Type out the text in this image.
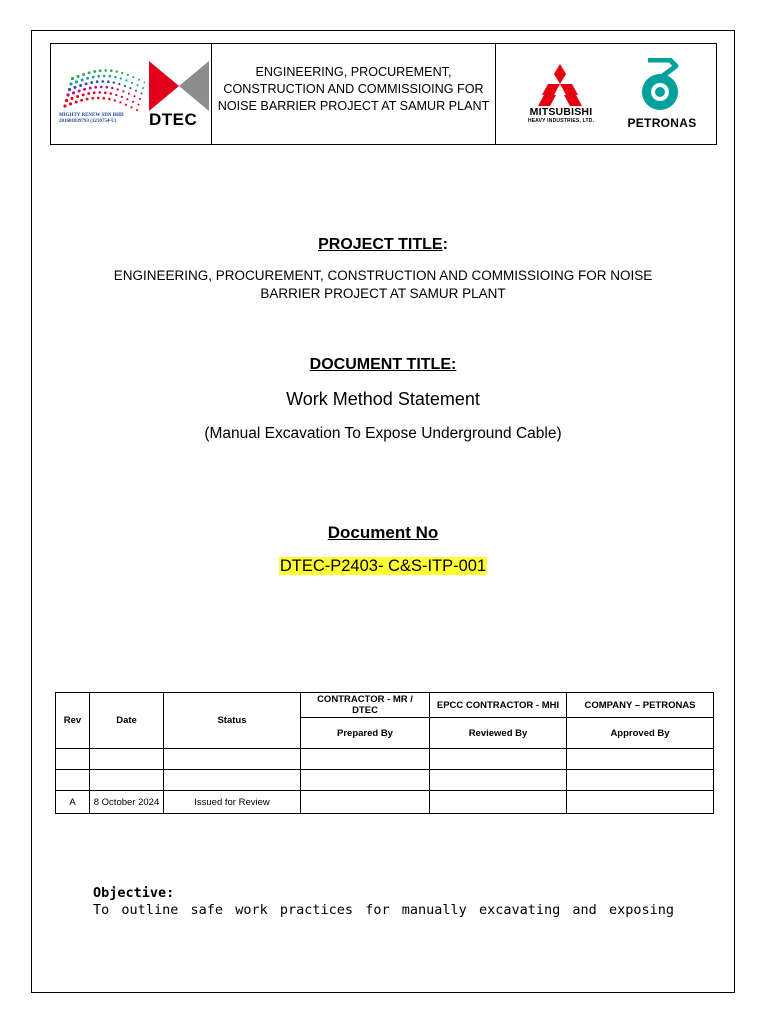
MIGHTY RENEW SDN BHD
201601039793 (1210754-U)	DTEC
ENGINEERING, PROCUREMENT, CONSTRUCTION AND COMMISSIOING FOR NOISE BARRIER PROJECT AT SAMUR PLANT	MITSUBISHI
HEAVY INDUSTRIES, LTD.	PETRONAS
PROJECT TITLE:
ENGINEERING, PROCUREMENT, CONSTRUCTION AND COMMISSIOING FOR NOISE BARRIER PROJECT AT SAMUR PLANT
DOCUMENT TITLE:
Work Method Statement
(Manual Excavation To Expose Underground Cable)
Document No
DTEC-P2403- C&S-ITP-001
Rev	Date	Status	CONTRACTOR - MR / DTEC	EPCC CONTRACTOR - MHI	COMPANY – PETRONAS
			Prepared By	Reviewed By	Approved By

A	8 October 2024	Issued for Review			
Objective:
To outline safe work practices for manually excavating and exposing
